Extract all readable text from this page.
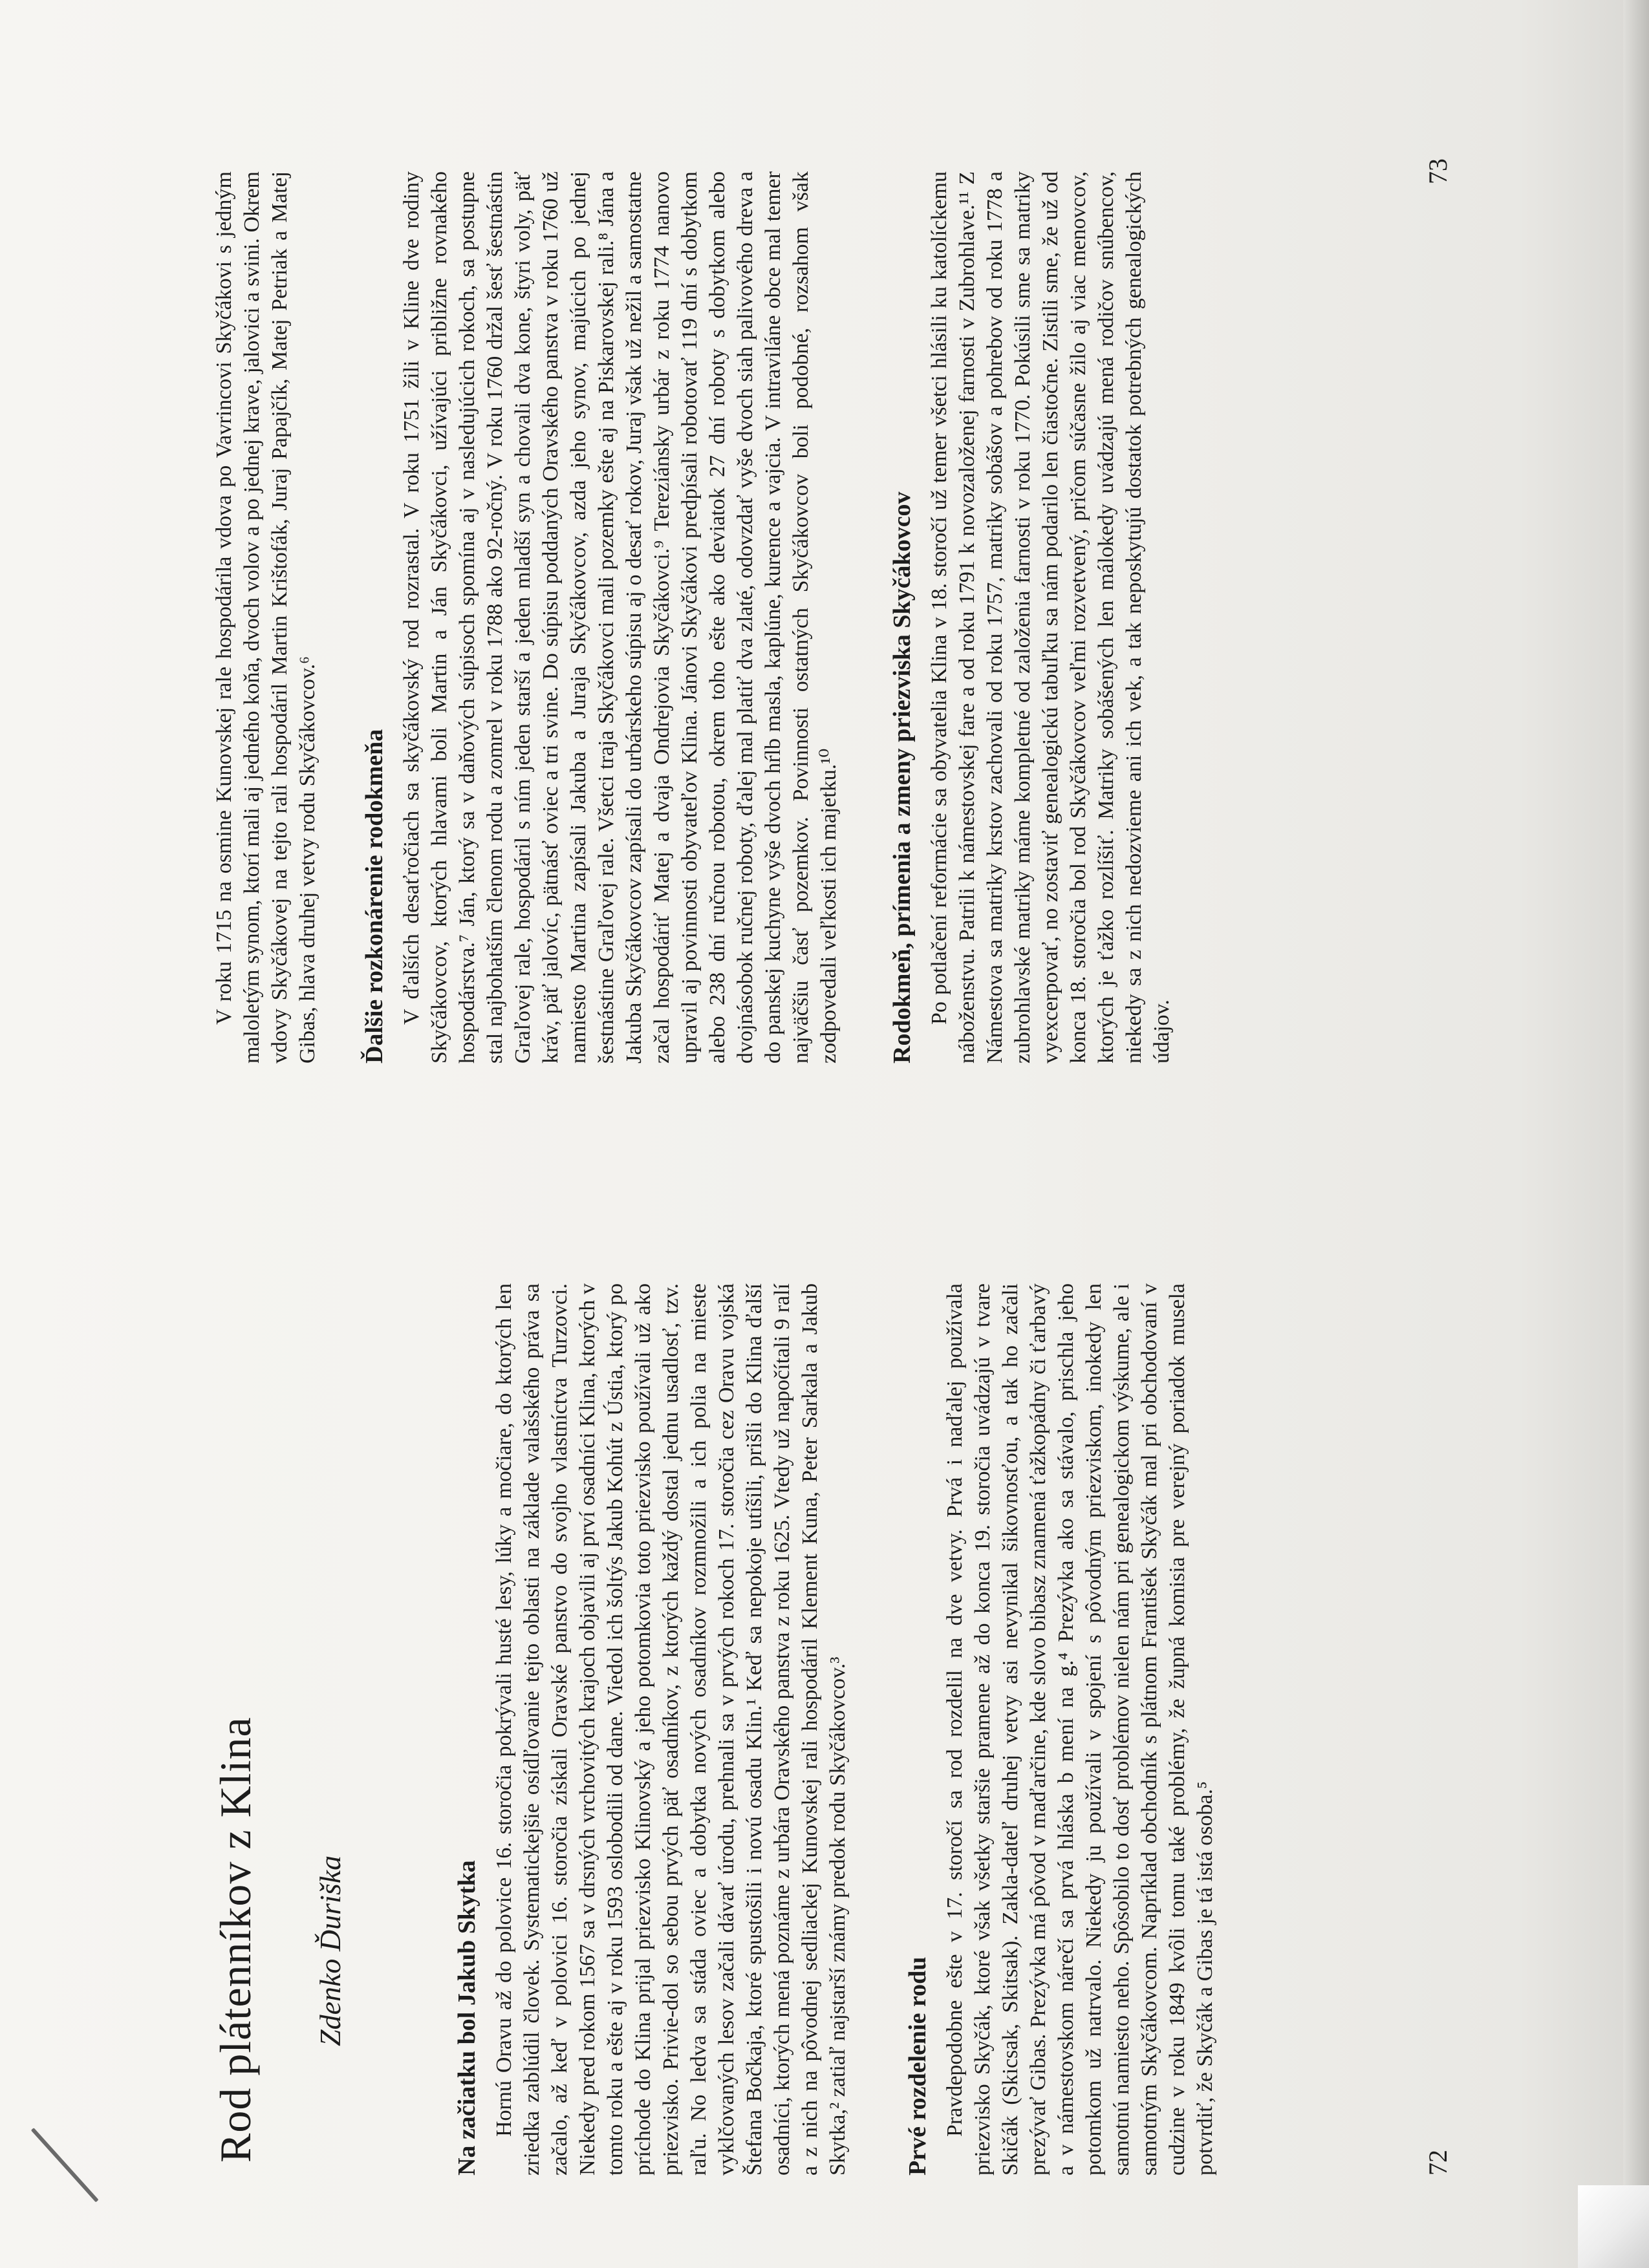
Rod plátenníkov z Klina Zdenko Ďuriška	Na začiatku bol Jakub Skytka Hornú Oravu až do polovice 16. storočia pokrývali husté lesy, lúky a močiare, do ktorých len zriedka zablúdil človek. Systematickejšie osídľovanie tejto oblasti na základe valašského práva sa začalo, až keď v polovici 16. storočia získali Oravské panstvo do svojho vlastníctva Turzovci. Niekedy pred rokom 1567 sa v drsných vrchovitých krajoch objavili aj prví osadníci Klina, ktorých v tomto roku a ešte aj v roku 1593 oslobodili od dane. Viedol ich šoltýs Jakub Kohút z Ústia, ktorý po príchode do Klina prijal priezvisko Klinovský a jeho potomkovia toto priezvisko používali už ako priezvisko. Privie-dol so sebou prvých päť osadníkov, z ktorých každý dostal jednu usadlosť, tzv. raľu. No ledva sa stáda oviec a dobytka nových osadníkov rozmnožili a ich polia na mieste vyklčovaných lesov začali dávať úrodu, prehnali sa v prvých rokoch 17. storočia cez Oravu vojská Štefana Bočkaja, ktoré spustošili i novú osadu Klin.¹ Keď sa nepokoje utíšili, prišli do Klina ďalší osadníci, ktorých mená poznáme z urbára Oravského panstva z roku 1625. Vtedy už napočítali 9 ralí a z nich na pôvodnej sedliackej Kunovskej rali hospodáril Klement Kuna, Peter Sarkala a Jakub Skytka,² zatiaľ najstarší známy predok rodu Skyčákovcov.³ Prvé rozdelenie rodu Pravdepodobne ešte v 17. storočí sa rod rozdelil na dve vetvy. Prvá i naďalej používala priezvisko Skyčák, ktoré však všetky staršie pramene až do konca 19. storočia uvádzajú v tvare Skičák (Skicsak, Skitsak). Zakla-dateľ druhej vetvy asi nevynikal šikovnosťou, a tak ho začali prezývať Gibas. Prezývka má pôvod v maďarčine, kde slovo bibasz znamená ťažkopádny či ťarbavý a v námestovskom nárečí sa prvá hláska b mení na g.⁴ Prezývka ako sa stávalo, prischla jeho potomkom už natrvalo. Niekedy ju používali v spojení s pôvodným priezviskom, inokedy len samotnú namiesto neho. Spôsobilo to dosť problémov nielen nám pri genealogickom výskume, ale i samotným Skyčákovcom. Napríklad obchodník s plátnom František Skyčák mal pri obchodovaní v cudzine v roku 1849 kvôli tomu také problémy, že župná komisia pre verejný poriadok musela potvrdiť, že Skyčák a Gibas je tá istá osoba.⁵	72

V roku 1715 na osmine Kunovskej rale hospodárila vdova po Vavrincovi Skyčákovi s jedným maloletým synom, ktorí mali aj jedného koňa, dvoch volov a po jednej krave, jalovici a svini. Okrem vdovy Skyčákovej na tejto rali hospodáril Martin Krištofák, Juraj Papajčík, Matej Petriak a Matej Gibas, hlava druhej vetvy rodu Skyčákovcov.⁶ Ďalšie rozkonárenie rodokmeňa V ďalších desaťročiach sa skyčákovský rod rozrastal. V roku 1751 žili v Kline dve rodiny Skyčákovcov, ktorých hlavami boli Martin a Ján Skyčákovci, užívajúci približne rovnakého hospodárstva.⁷ Ján, ktorý sa v daňových súpisoch spomína aj v nasledujúcich rokoch, sa postupne stal najbohatším členom rodu a zomrel v roku 1788 ako 92-ročný. V roku 1760 držal šesť šestnástin Graľovej rale, hospodáril s ním jeden starší a jeden mladší syn a chovali dva kone, štyri voly, päť kráv, päť jalovíc, pätnásť oviec a tri svine. Do súpisu poddaných Oravského panstva v roku 1760 už namiesto Martina zapísali Jakuba a Juraja Skyčákovcov, azda jeho synov, majúcich po jednej šestnástine Graľovej rale. Všetci traja Skyčákovci mali pozemky ešte aj na Piskarovskej rali.⁸ Jána a Jakuba Skyčákovcov zapísali do urbárskeho súpisu aj o desať rokov, Juraj však už nežil a samostatne začal hospodáriť Matej a dvaja Ondrejovia Skyčákovci.⁹ Tereziánsky urbár z roku 1774 nanovo upravil aj povinnosti obyvateľov Klina. Jánovi Skyčákovi predpísali robotovať 119 dní s dobytkom alebo 238 dní ručnou robotou, okrem toho ešte ako deviatok 27 dní roboty s dobytkom alebo dvojnásobok ručnej roboty, ďalej mal platiť dva zlaté, odovzdať vyše dvoch siah palivového dreva a do panskej kuchyne vyše dvoch hŕlb masla, kaplúne, kurence a vajcia. V intraviláne obce mal temer najväčšiu časť pozemkov. Povinnosti ostatných Skyčákovcov boli podobné, rozsahom však zodpovedali veľkosti ich majetku.¹⁰ Rodokmeň, prímenia a zmeny priezviska Skyčákovcov Po potlačení reformácie sa obyvatelia Klina v 18. storočí už temer všetci hlásili ku katolíckemu náboženstvu. Patrili k námestovskej fare a od roku 1791 k novozaloženej farnosti v Zubrohlave.¹¹ Z Námestova sa matriky krstov zachovali od roku 1757, matriky sobášov a pohrebov od roku 1778 a zubrohlavské matriky máme kompletné od založenia farnosti v roku 1770. Pokúsili sme sa matriky vyexcerpovať, no zostaviť genealogickú tabuľku sa nám podarilo len čiastočne. Zistili sme, že už od konca 18. storočia bol rod Skyčákovcov veľmi rozvetvený, pričom súčasne žilo aj viac menovcov, ktorých je ťažko rozlíšiť. Matriky sobášených len málokedy uvádzajú mená rodičov snúbencov, niekedy sa z nich nedozvieme ani ich vek, a tak neposkytujú dostatok potrebných genealogických údajov.

73
